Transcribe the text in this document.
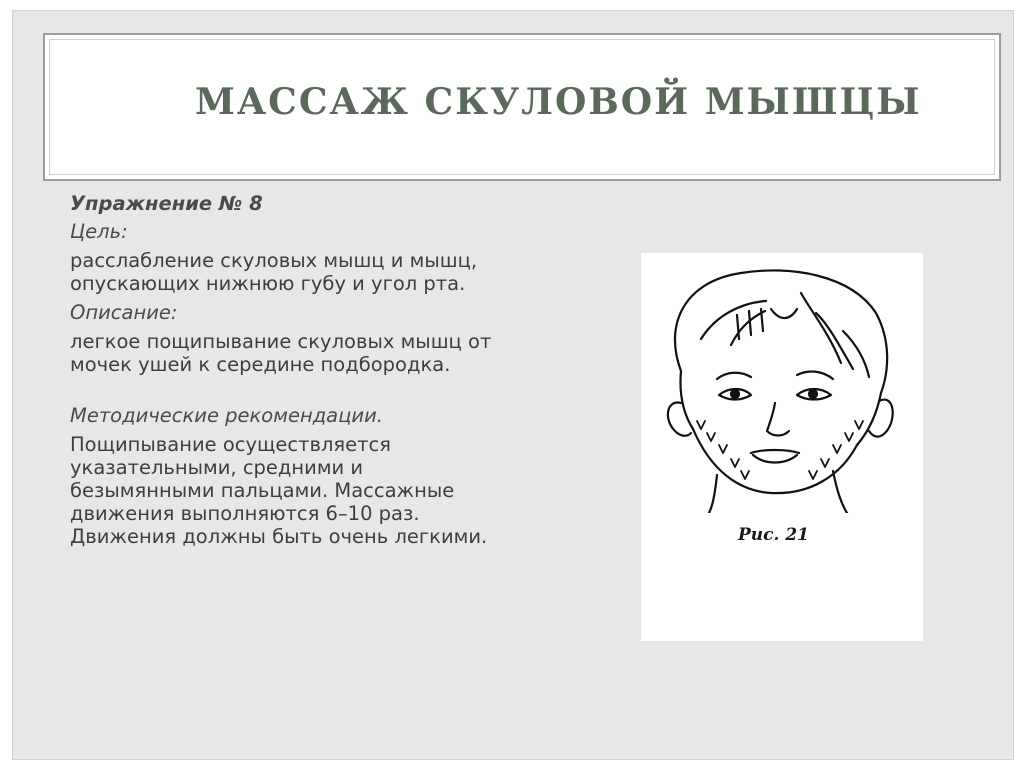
МАССАЖ СКУЛОВОЙ МЫШЦЫ

Упражнение № 8

Цель:

расслабление скуловых мышц и мышц, опускающих нижнюю губу и угол рта.

Описание:

легкое пощипывание скуловых мышц от мочек ушей к середине подбородка.

Методические рекомендации.

Пощипывание осуществляется указательными, средними и безымянными пальцами. Массажные движения выполняются 6–10 раз. Движения должны быть очень легкими.	Рис. 21
